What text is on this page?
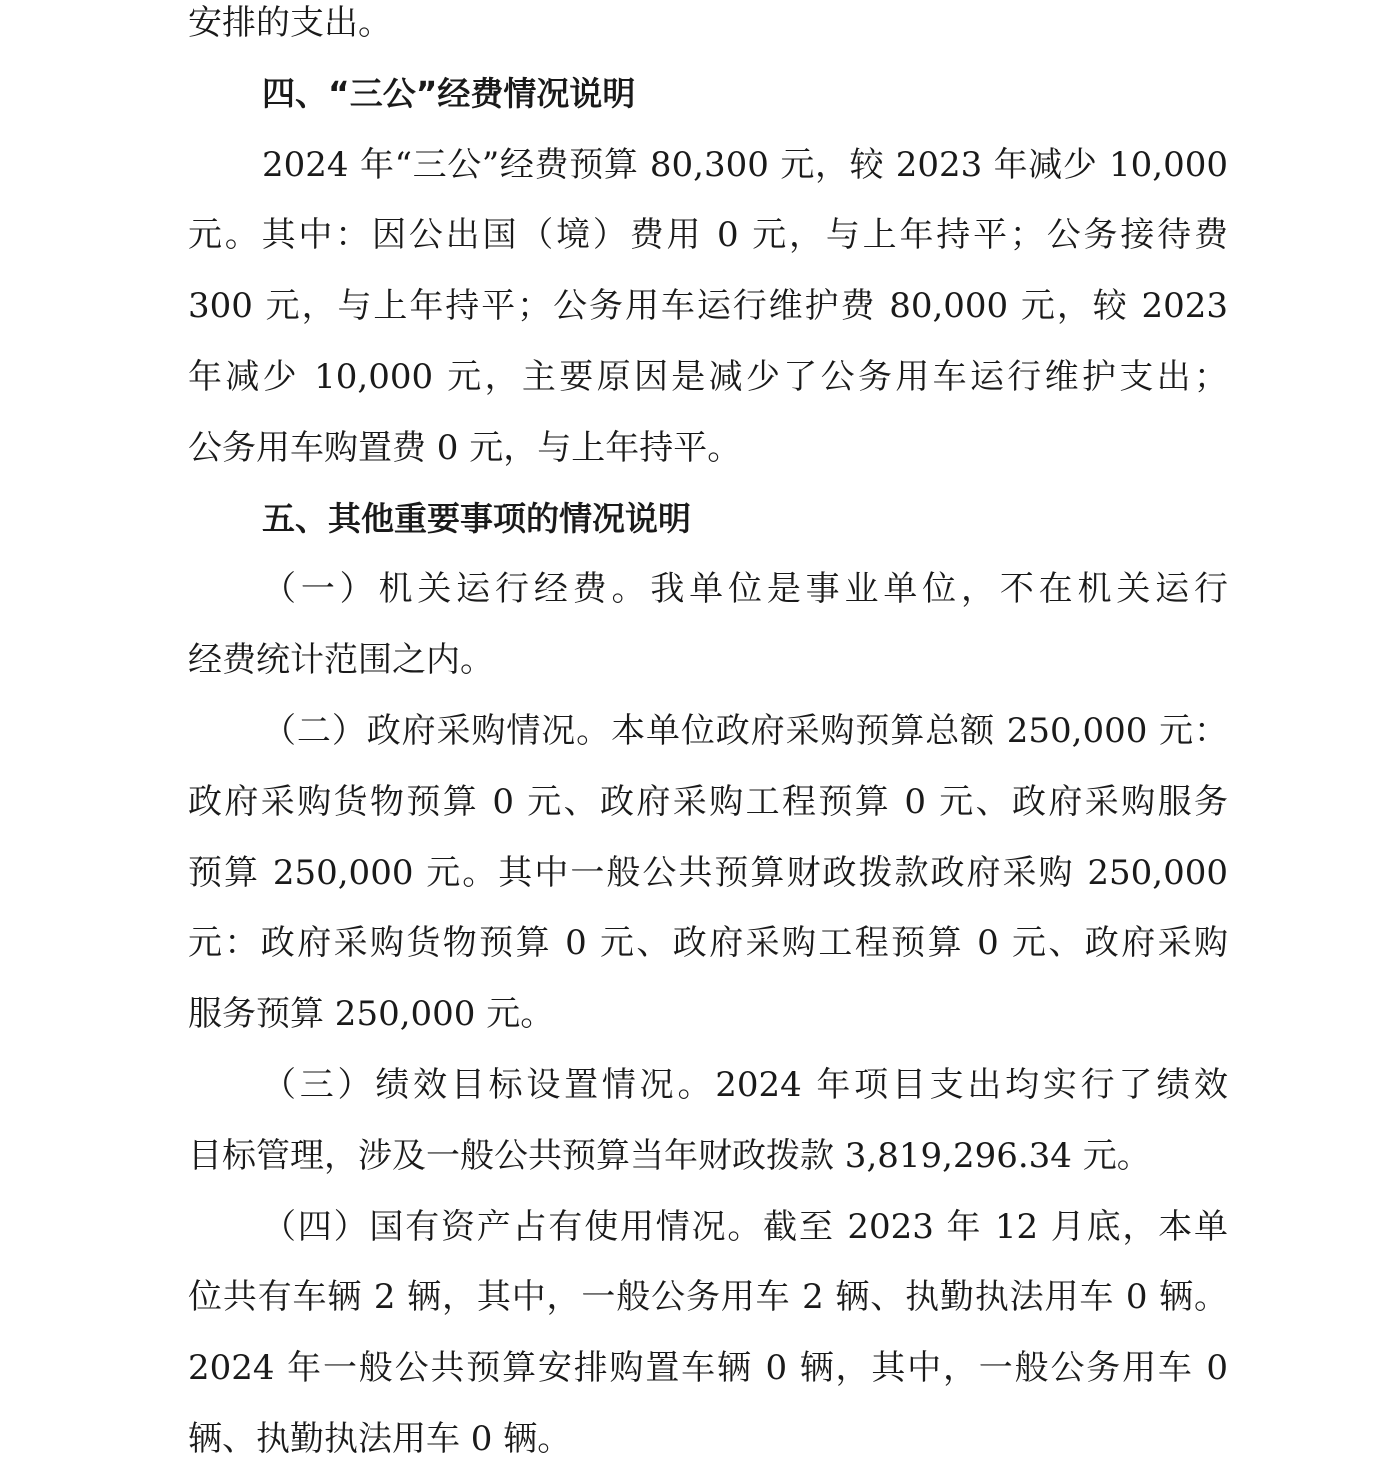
安排的支出。
四、“三公”经费情况说明
2024 年“三公”经费预算 80,300 元，较 2023 年减少 10,000
元。其中：因公出国（境）费用 0 元，与上年持平；公务接待费
300 元，与上年持平；公务用车运行维护费 80,000 元，较 2023
年减少 10,000 元，主要原因是减少了公务用车运行维护支出；
公务用车购置费 0 元，与上年持平。
五、其他重要事项的情况说明
（一）机关运行经费。我单位是事业单位，不在机关运行
经费统计范围之内。
（二）政府采购情况。本单位政府采购预算总额 250,000 元：
政府采购货物预算 0 元、政府采购工程预算 0 元、政府采购服务
预算 250,000 元。其中一般公共预算财政拨款政府采购 250,000
元：政府采购货物预算 0 元、政府采购工程预算 0 元、政府采购
服务预算 250,000 元。
（三）绩效目标设置情况。2024 年项目支出均实行了绩效
目标管理，涉及一般公共预算当年财政拨款 3,819,296.34 元。
（四）国有资产占有使用情况。截至 2023 年 12 月底，本单
位共有车辆 2 辆，其中，一般公务用车 2 辆、执勤执法用车 0 辆。
2024 年一般公共预算安排购置车辆 0 辆，其中，一般公务用车 0
辆、执勤执法用车 0 辆。
